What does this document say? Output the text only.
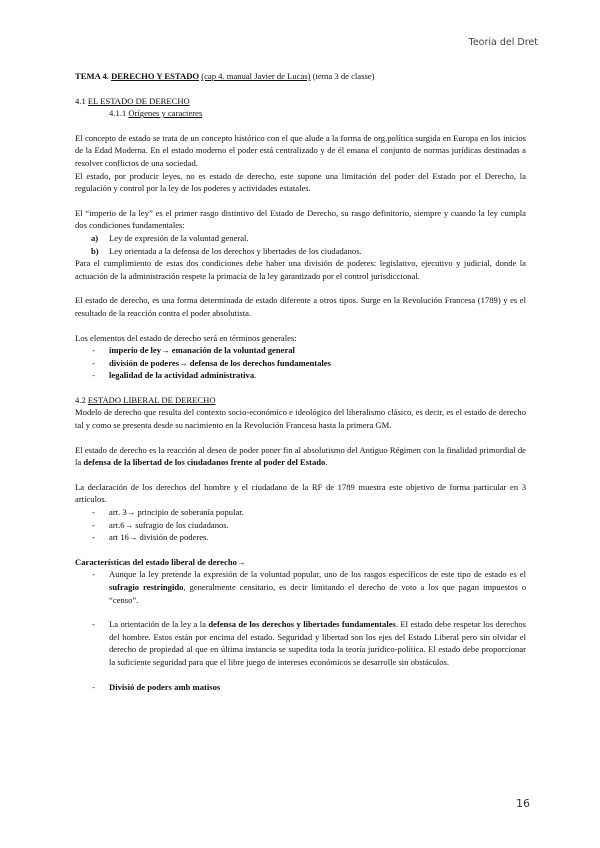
Teoria del Dret

TEMA 4. DERECHO Y ESTADO (cap 4. manual Javier de Lucas) (tema 3 de classe)

4.1 EL ESTADO DE DERECHO

4.1.1 Orígenes y caracteres

El concepto de estado se trata de un concepto histórico con el que alude a la forma de org.política surgida en Europa en los inicios de la Edad Moderna. En el estado moderno el poder está centralizado y de él emana el conjunto de normas jurídicas destinadas a resolver conflictos de una sociedad.

El estado, por producir leyes, no es estado de derecho, este supone una limitación del poder del Estado por el Derecho, la regulación y control por la ley de los poderes y actividades estatales.

El “imperio de la ley” es el primer rasgo distintivo del Estado de Derecho, su rasgo definitorio, siempre y cuando la ley cumpla dos condiciones fundamentales:

a) Ley de expresión de la voluntad general.
b) Ley orientada a la defensa de los derechos y libertades de los ciudadanos.

Para el cumplimiento de estas dos condiciones debe haber una división de poderes: legislativo, ejecutivo y judicial, donde la actuación de la administración respete la primacía de la ley garantizado por el control jurisdiccional.

El estado de derecho, es una forma determinada de estado diferente a otros tipos. Surge en la Revolución Francesa (1789) y es el resultado de la reacción contra el poder absolutista.

Los elementos del estado de derecho será en términos generales:

- imperio de ley→ emanación de la voluntad general
- división de poderes→ defensa de los derechos fundamentales
- legalidad de la actividad administrativa.

4.2 ESTADO LIBERAL DE DERECHO

Modelo de derecho que resulta del contexto socio-económico e ideológico del liberalismo clásico, es decir, es el estado de derecho tal y como se presenta desde su nacimiento en la Revolución Francesa hasta la primera GM.

El estado de derecho es la reacción al deseo de poder poner fin al absolutismo del Antiguo Régimen con la finalidad primordial de la defensa de la libertad de los ciudadanos frente al poder del Estado.

La declaración de los derechos del hombre y el ciudadano de la RF de 1789 muestra este objetivo de forma particular en 3 artículos.

- art. 3→ principio de soberanía popular.
- art.6→ sufragio de los ciudadanos.
- art 16→ división de poderes.

Características del estado liberal de derecho→

- Aunque la ley pretende la expresión de la voluntad popular, uno de los rasgos específicos de este tipo de estado es el sufragio restringido, generalmente censitario, es decir limitando el derecho de voto a los que pagan impuestos o “censo”.
- La orientación de la ley a la defensa de los derechos y libertades fundamentales. El estado debe respetar los derechos del hombre. Estos están por encima del estado. Seguridad y libertad son los ejes del Estado Liberal pero sin olvidar el derecho de propiedad al que en última instancia se supedita toda la teoría jurídico-política. El estado debe proporcionar la suficiente seguridad para que el libre juego de intereses económicos se desarrolle sin obstáculos.
- Divisió de poders amb matisos
16
